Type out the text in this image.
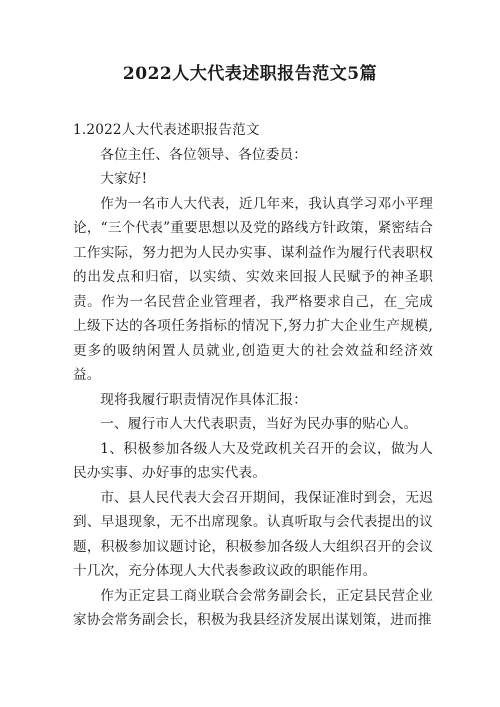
2022人大代表述职报告范文5篇

1.2022人大代表述职报告范文

各位主任、各位领导、各位委员：

大家好!

作为一名市人大代表，近几年来，我认真学习邓小平理论，“三个代表”重要思想以及党的路线方针政策，紧密结合工作实际，努力把为人民办实事、谋利益作为履行代表职权的出发点和归宿，以实绩、实效来回报人民赋予的神圣职责。作为一名民营企业管理者，我严格要求自己，在_完成上级下达的各项任务指标的情况下,努力扩大企业生产规模,更多的吸纳闲置人员就业,创造更大的社会效益和经济效益。

现将我履行职责情况作具体汇报：

一、履行市人大代表职责，当好为民办事的贴心人。

1、积极参加各级人大及党政机关召开的会议，做为人民办实事、办好事的忠实代表。

市、县人民代表大会召开期间，我保证准时到会，无迟到、早退现象，无不出席现象。认真听取与会代表提出的议题，积极参加议题讨论，积极参加各级人大组织召开的会议十几次，充分体现人大代表参政议政的职能作用。

作为正定县工商业联合会常务副会长，正定县民营企业家协会常务副会长，积极为我县经济发展出谋划策，进而推
